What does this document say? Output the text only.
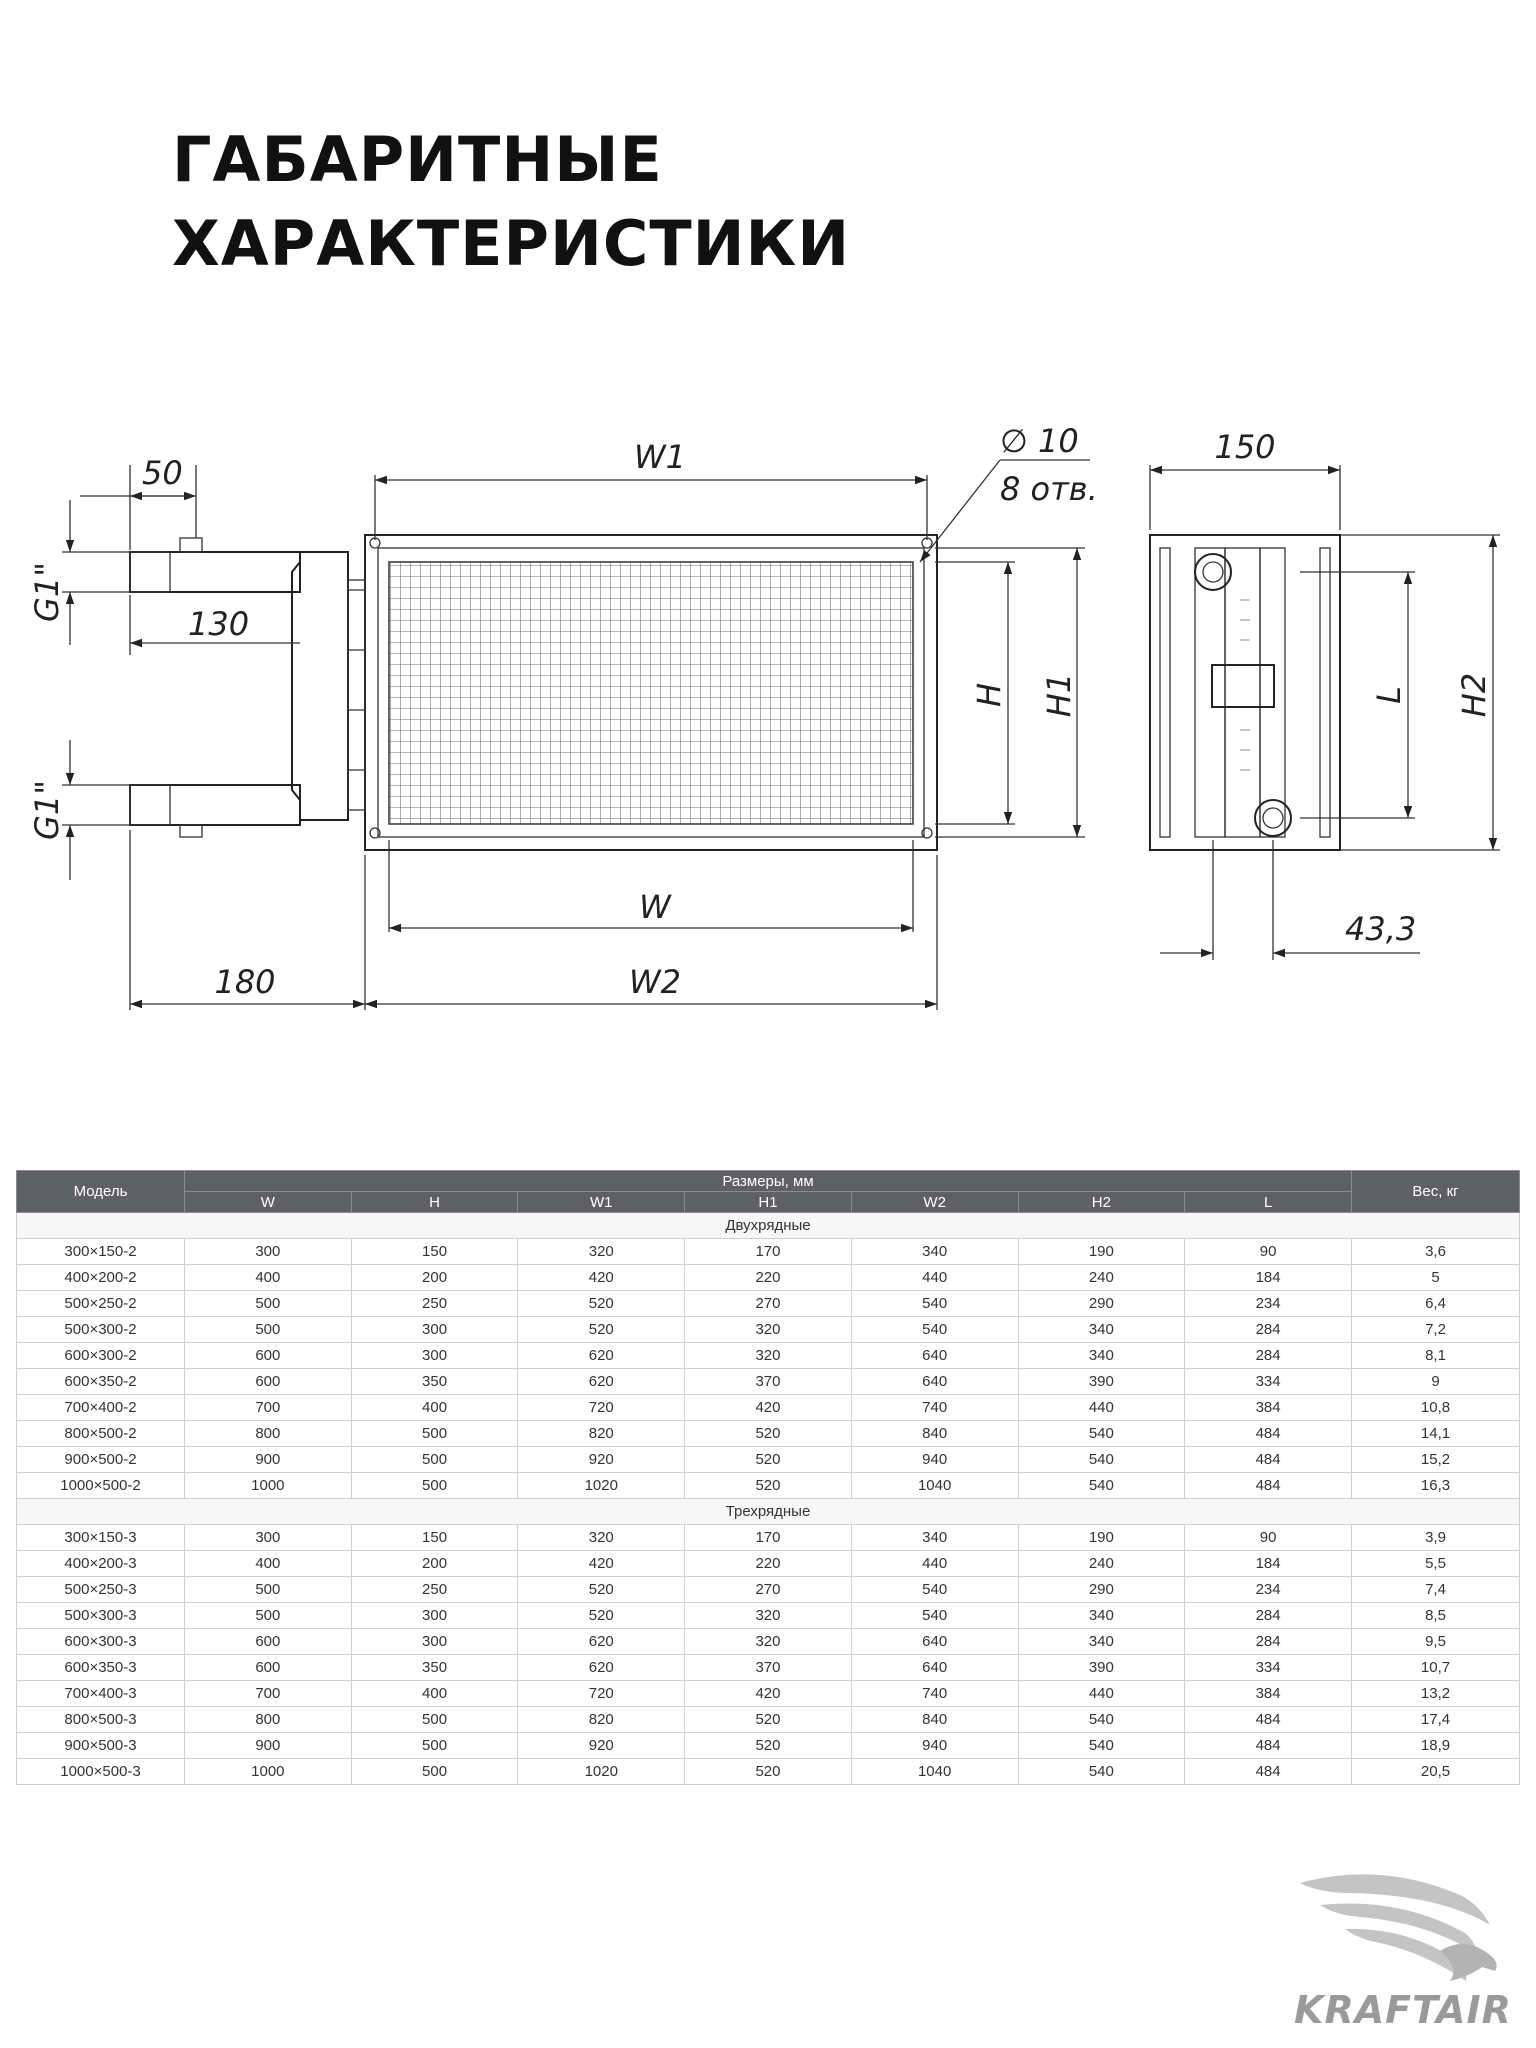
ГАБАРИТНЫЕ
ХАРАКТЕРИСТИКИ
50
G1"
130
G1"
W1	∅ 10
8 отв.
H H1
W
180	W2
150
L H2
43,3
Модель	Размеры, мм							Вес, кг
	W	H	W1	H1	W2	H2	L	
Двухрядные								
300×150-2	300	150	320	170	340	190	90	3,6
400×200-2	400	200	420	220	440	240	184	5
500×250-2	500	250	520	270	540	290	234	6,4
500×300-2	500	300	520	320	540	340	284	7,2
600×300-2	600	300	620	320	640	340	284	8,1
600×350-2	600	350	620	370	640	390	334	9
700×400-2	700	400	720	420	740	440	384	10,8
800×500-2	800	500	820	520	840	540	484	14,1
900×500-2	900	500	920	520	940	540	484	15,2
1000×500-2	1000	500	1020	520	1040	540	484	16,3
Трехрядные								
300×150-3	300	150	320	170	340	190	90	3,9
400×200-3	400	200	420	220	440	240	184	5,5
500×250-3	500	250	520	270	540	290	234	7,4
500×300-3	500	300	520	320	540	340	284	8,5
600×300-3	600	300	620	320	640	340	284	9,5
600×350-3	600	350	620	370	640	390	334	10,7
700×400-3	700	400	720	420	740	440	384	13,2
800×500-3	800	500	820	520	840	540	484	17,4
900×500-3	900	500	920	520	940	540	484	18,9
1000×500-3	1000	500	1020	520	1040	540	484	20,5
KRAFTAIR
